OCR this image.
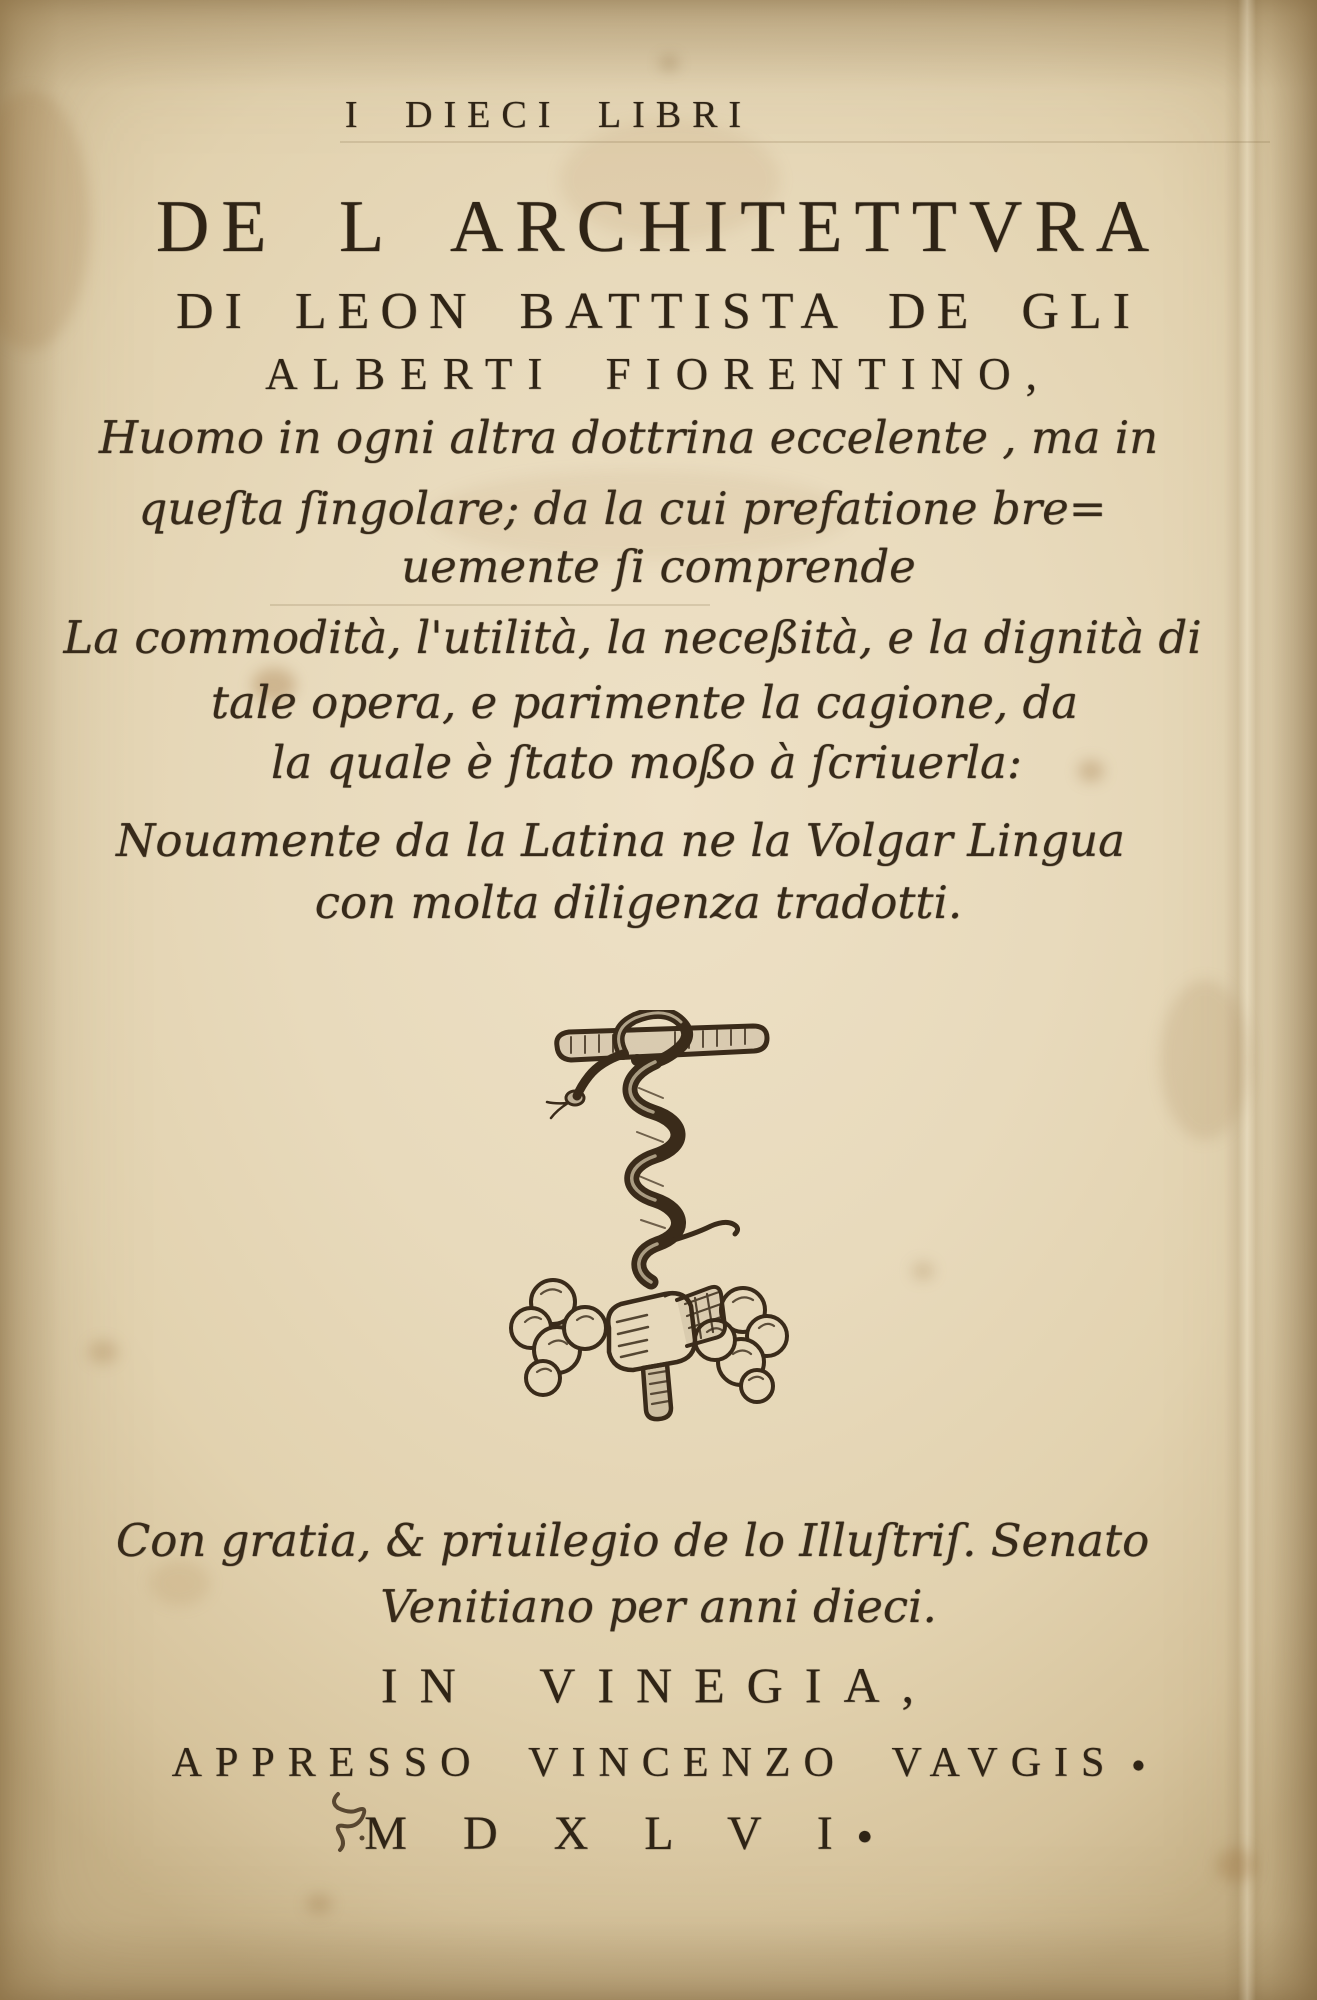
I DIECI LIBRI
DE L ARCHITETTVRA
DI LEON BATTISTA DE GLI
ALBERTI FIORENTINO,
Huomo in ogni altra dottrina eccelente , ma in
queſta ſingolare; da la cui prefatione bre=
uemente ſi comprende
La commodità, l'utilità, la neceßità, e la dignità di
tale opera, e parimente la cagione, da
la quale è ſtato moßo à ſcriuerla:
Nouamente da la Latina ne la Volgar Lingua
con molta diligenza tradotti.
Con gratia, & priuilegio de lo Illuſtriſ. Senato
Venitiano per anni dieci.
IN VINEGIA,
APPRESSO VINCENZO VAVGIS ●
M D X L V I ●
